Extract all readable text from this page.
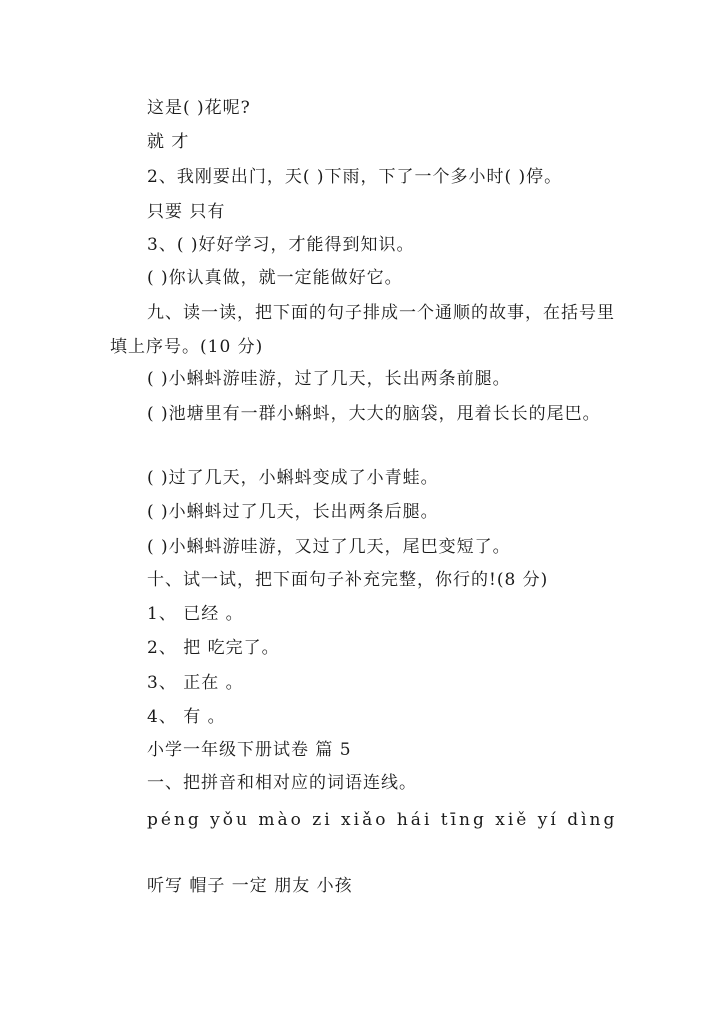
这是( )花呢?
就 才
2、我刚要出门，天( )下雨，下了一个多小时( )停。
只要 只有
3、( )好好学习，才能得到知识。
( )你认真做，就一定能做好它。
九、读一读，把下面的句子排成一个通顺的故事，在括号里填上序号。(10 分)
( )小蝌蚪游哇游，过了几天，长出两条前腿。
( )池塘里有一群小蝌蚪，大大的脑袋，甩着长长的尾巴。
( )过了几天，小蝌蚪变成了小青蛙。
( )小蝌蚪过了几天，长出两条后腿。
( )小蝌蚪游哇游，又过了几天，尾巴变短了。
十、试一试，把下面句子补充完整，你行的!(8 分)
1、 已经 。
2、 把 吃完了。
3、 正在 。
4、 有 。
小学一年级下册试卷 篇 5
一、把拼音和相对应的词语连线。
péng yǒu mào zi xiǎo hái tīng xiě yí dìng
听写 帽子 一定 朋友 小孩
